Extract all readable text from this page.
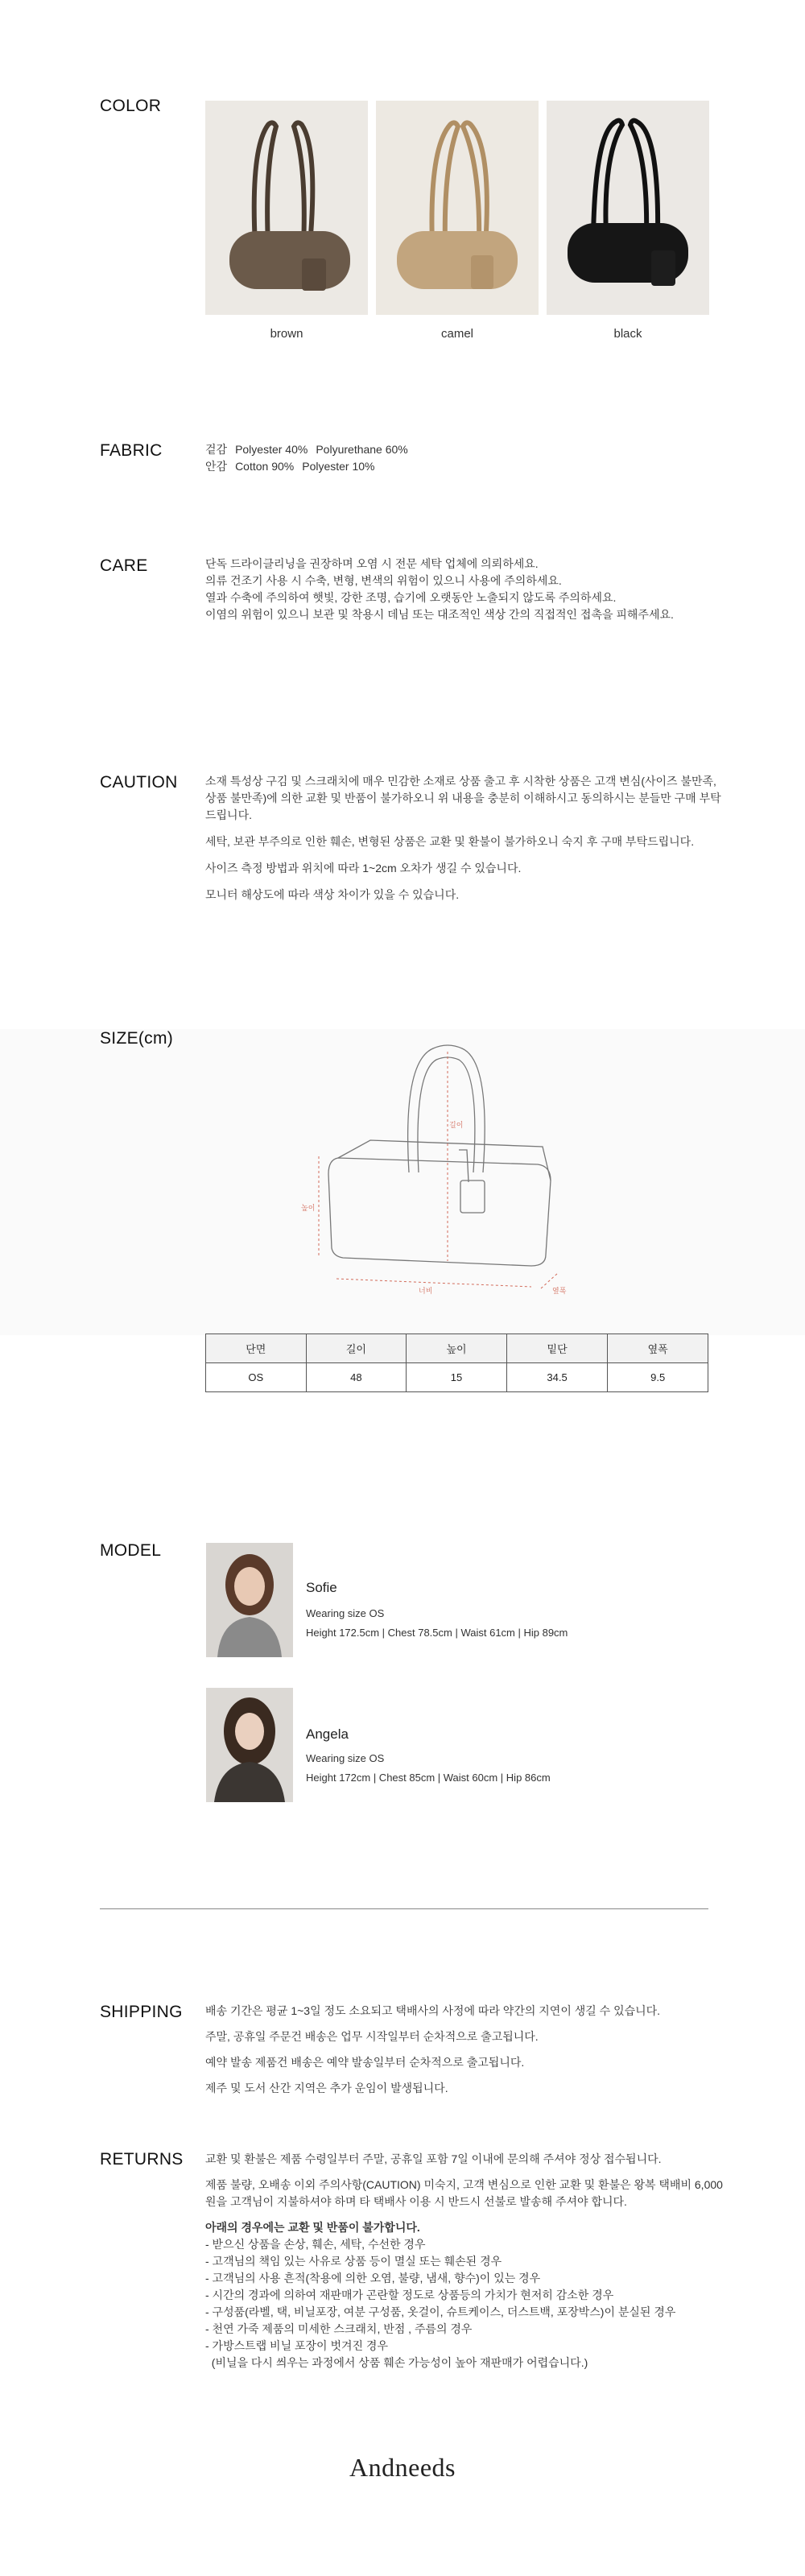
COLOR
brown	camel	black
FABRIC	겉감 Polyester 40% Polyurethane 60%
안감 Cotton 90% Polyester 10%
CARE	단독 드라이클리닝을 권장하며 오염 시 전문 세탁 업체에 의뢰하세요.

의류 건조기 사용 시 수축, 변형, 변색의 위험이 있으니 사용에 주의하세요.

열과 수축에 주의하여 햇빛, 강한 조명, 습기에 오랫동안 노출되지 않도록 주의하세요.

이염의 위험이 있으니 보관 및 착용시 데님 또는 대조적인 색상 간의 직접적인 접촉을 피해주세요.

CAUTION 소재 특성상 구김 및 스크래치에 매우 민감한 소재로 상품 출고 후 시착한 상품은 고객 변심(사이즈 불만족, 상품 불만족)에 의한 교환 및 반품이 불가하오니 위 내용을 충분히 이해하시고 동의하시는 분들만 구매 부탁드립니다.

세탁, 보관 부주의로 인한 훼손, 변형된 상품은 교환 및 환불이 불가하오니 숙지 후 구매 부탁드립니다.

사이즈 측정 방법과 위치에 따라 1~2cm 오차가 생길 수 있습니다.

모니터 해상도에 따라 색상 차이가 있을 수 있습니다.

SIZE(cm)
길이
높이
너비	옆폭
단면	길이	높이	밑단	옆폭
OS	48	15	34.5	9.5
MODEL
Sofie
Wearing size OS
Height 172.5cm | Chest 78.5cm | Waist 61cm | Hip 89cm
Angela
Wearing size OS
Height 172cm | Chest 85cm | Waist 60cm | Hip 86cm
SHIPPING 배송 기간은 평균 1~3일 정도 소요되고 택배사의 사정에 따라 약간의 지연이 생길 수 있습니다.

주말, 공휴일 주문건 배송은 업무 시작일부터 순차적으로 출고됩니다.

예약 발송 제품건 배송은 예약 발송일부터 순차적으로 출고됩니다.

제주 및 도서 산간 지역은 추가 운임이 발생됩니다.

RETURNS 교환 및 환불은 제품 수령일부터 주말, 공휴일 포함 7일 이내에 문의해 주셔야 정상 접수됩니다.

제품 불량, 오배송 이외 주의사항(CAUTION) 미숙지, 고객 변심으로 인한 교환 및 환불은 왕복 택배비 6,000원을 고객님이 지불하셔야 하며 타 택배사 이용 시 반드시 선불로 발송해 주셔야 합니다.

아래의 경우에는 교환 및 반품이 불가합니다.

- 받으신 상품을 손상, 훼손, 세탁, 수선한 경우

- 고객님의 책임 있는 사유로 상품 등이 멸실 또는 훼손된 경우

- 고객님의 사용 흔적(착용에 의한 오염, 불량, 냄새, 향수)이 있는 경우

- 시간의 경과에 의하여 재판매가 곤란할 정도로 상품등의 가치가 현저히 감소한 경우

- 구성품(라벨, 택, 비닐포장, 여분 구성품, 옷걸이, 슈트케이스, 더스트백, 포장박스)이 분실된 경우

- 천연 가죽 제품의 미세한 스크래치, 반점 , 주름의 경우

- 가방스트랩 비닐 포장이 벗겨진 경우

(비닐을 다시 씌우는 과정에서 상품 훼손 가능성이 높아 재판매가 어렵습니다.)

Andneeds
